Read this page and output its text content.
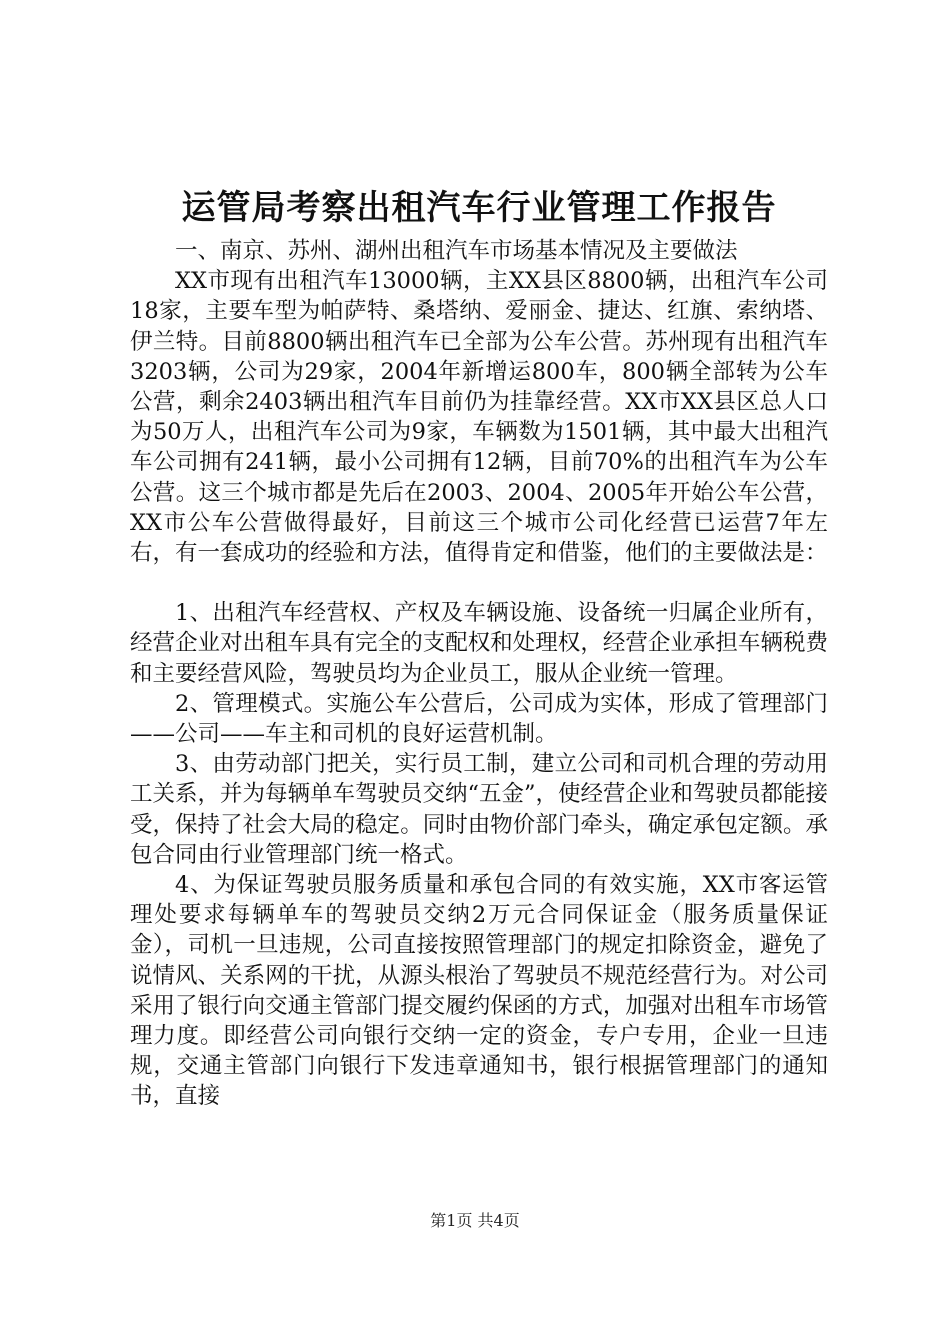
运管局考察出租汽车行业管理工作报告

一、南京、苏州、湖州出租汽车市场基本情况及主要做法

XX市现有出租汽车13000辆，主XX县区8800辆，出租汽车公司18家，主要车型为帕萨特、桑塔纳、爱丽金、捷达、红旗、索纳塔、伊兰特。目前8800辆出租汽车已全部为公车公营。苏州现有出租汽车3203辆，公司为29家，2004年新增运800车，800辆全部转为公车公营，剩余2403辆出租汽车目前仍为挂靠经营。XX市XX县区总人口为50万人，出租汽车公司为9家，车辆数为1501辆，其中最大出租汽车公司拥有241辆，最小公司拥有12辆，目前70%的出租汽车为公车公营。这三个城市都是先后在2003、2004、2005年开始公车公营，XX市公车公营做得最好，目前这三个城市公司化经营已运营7年左右，有一套成功的经验和方法，值得肯定和借鉴，他们的主要做法是：

1、出租汽车经营权、产权及车辆设施、设备统一归属企业所有，经营企业对出租车具有完全的支配权和处理权，经营企业承担车辆税费和主要经营风险，驾驶员均为企业员工，服从企业统一管理。

2、管理模式。实施公车公营后，公司成为实体，形成了管理部门——公司——车主和司机的良好运营机制。

3、由劳动部门把关，实行员工制，建立公司和司机合理的劳动用工关系，并为每辆单车驾驶员交纳“五金”，使经营企业和驾驶员都能接受，保持了社会大局的稳定。同时由物价部门牵头，确定承包定额。承包合同由行业管理部门统一格式。

4、为保证驾驶员服务质量和承包合同的有效实施，XX市客运管理处要求每辆单车的驾驶员交纳2万元合同保证金（服务质量保证金），司机一旦违规，公司直接按照管理部门的规定扣除资金，避免了说情风、关系网的干扰，从源头根治了驾驶员不规范经营行为。对公司采用了银行向交通主管部门提交履约保函的方式，加强对出租车市场管理力度。即经营公司向银行交纳一定的资金，专户专用，企业一旦违规，交通主管部门向银行下发违章通知书，银行根据管理部门的通知书，直接

第1页 共4页
